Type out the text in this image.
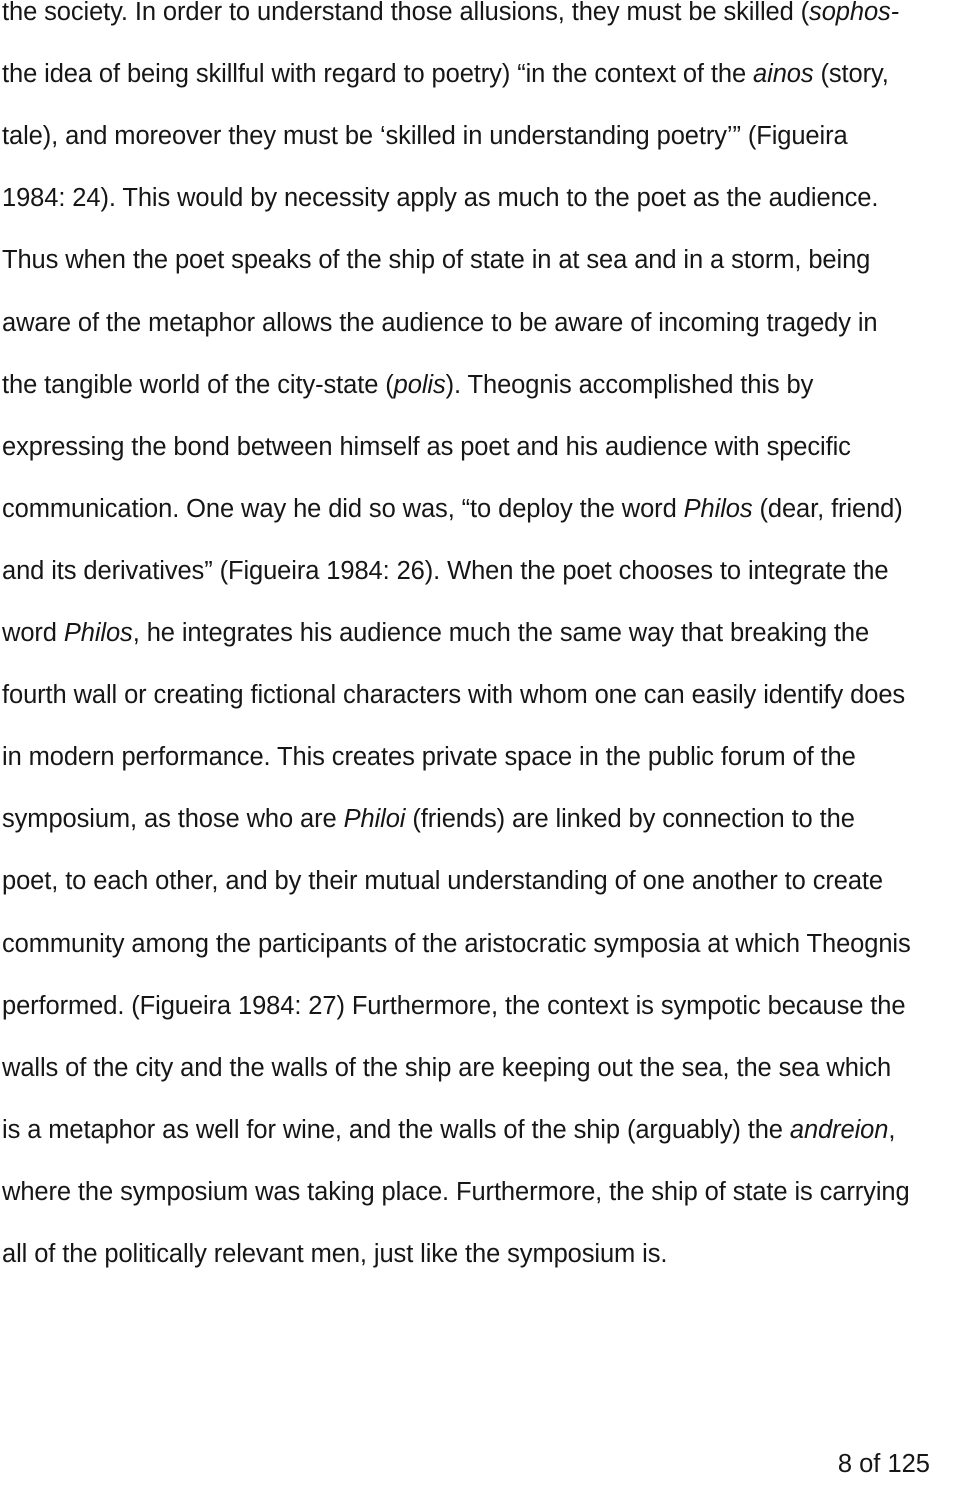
the society. In order to understand those allusions, they must be skilled (sophos-
the idea of being skillful with regard to poetry) “in the context of the ainos (story,
tale), and moreover they must be ‘skilled in understanding poetry’” (Figueira
1984: 24). This would by necessity apply as much to the poet as the audience.
Thus when the poet speaks of the ship of state in at sea and in a storm, being
aware of the metaphor allows the audience to be aware of incoming tragedy in
the tangible world of the city-state (polis). Theognis accomplished this by
expressing the bond between himself as poet and his audience with specific
communication. One way he did so was, “to deploy the word Philos (dear, friend)
and its derivatives” (Figueira 1984: 26). When the poet chooses to integrate the
word Philos, he integrates his audience much the same way that breaking the
fourth wall or creating fictional characters with whom one can easily identify does
in modern performance. This creates private space in the public forum of the
symposium, as those who are Philoi (friends) are linked by connection to the
poet, to each other, and by their mutual understanding of one another to create
community among the participants of the aristocratic symposia at which Theognis
performed. (Figueira 1984: 27) Furthermore, the context is sympotic because the
walls of the city and the walls of the ship are keeping out the sea, the sea which
is a metaphor as well for wine, and the walls of the ship (arguably) the andreion,
where the symposium was taking place. Furthermore, the ship of state is carrying
all of the politically relevant men, just like the symposium is.
8 of 125
